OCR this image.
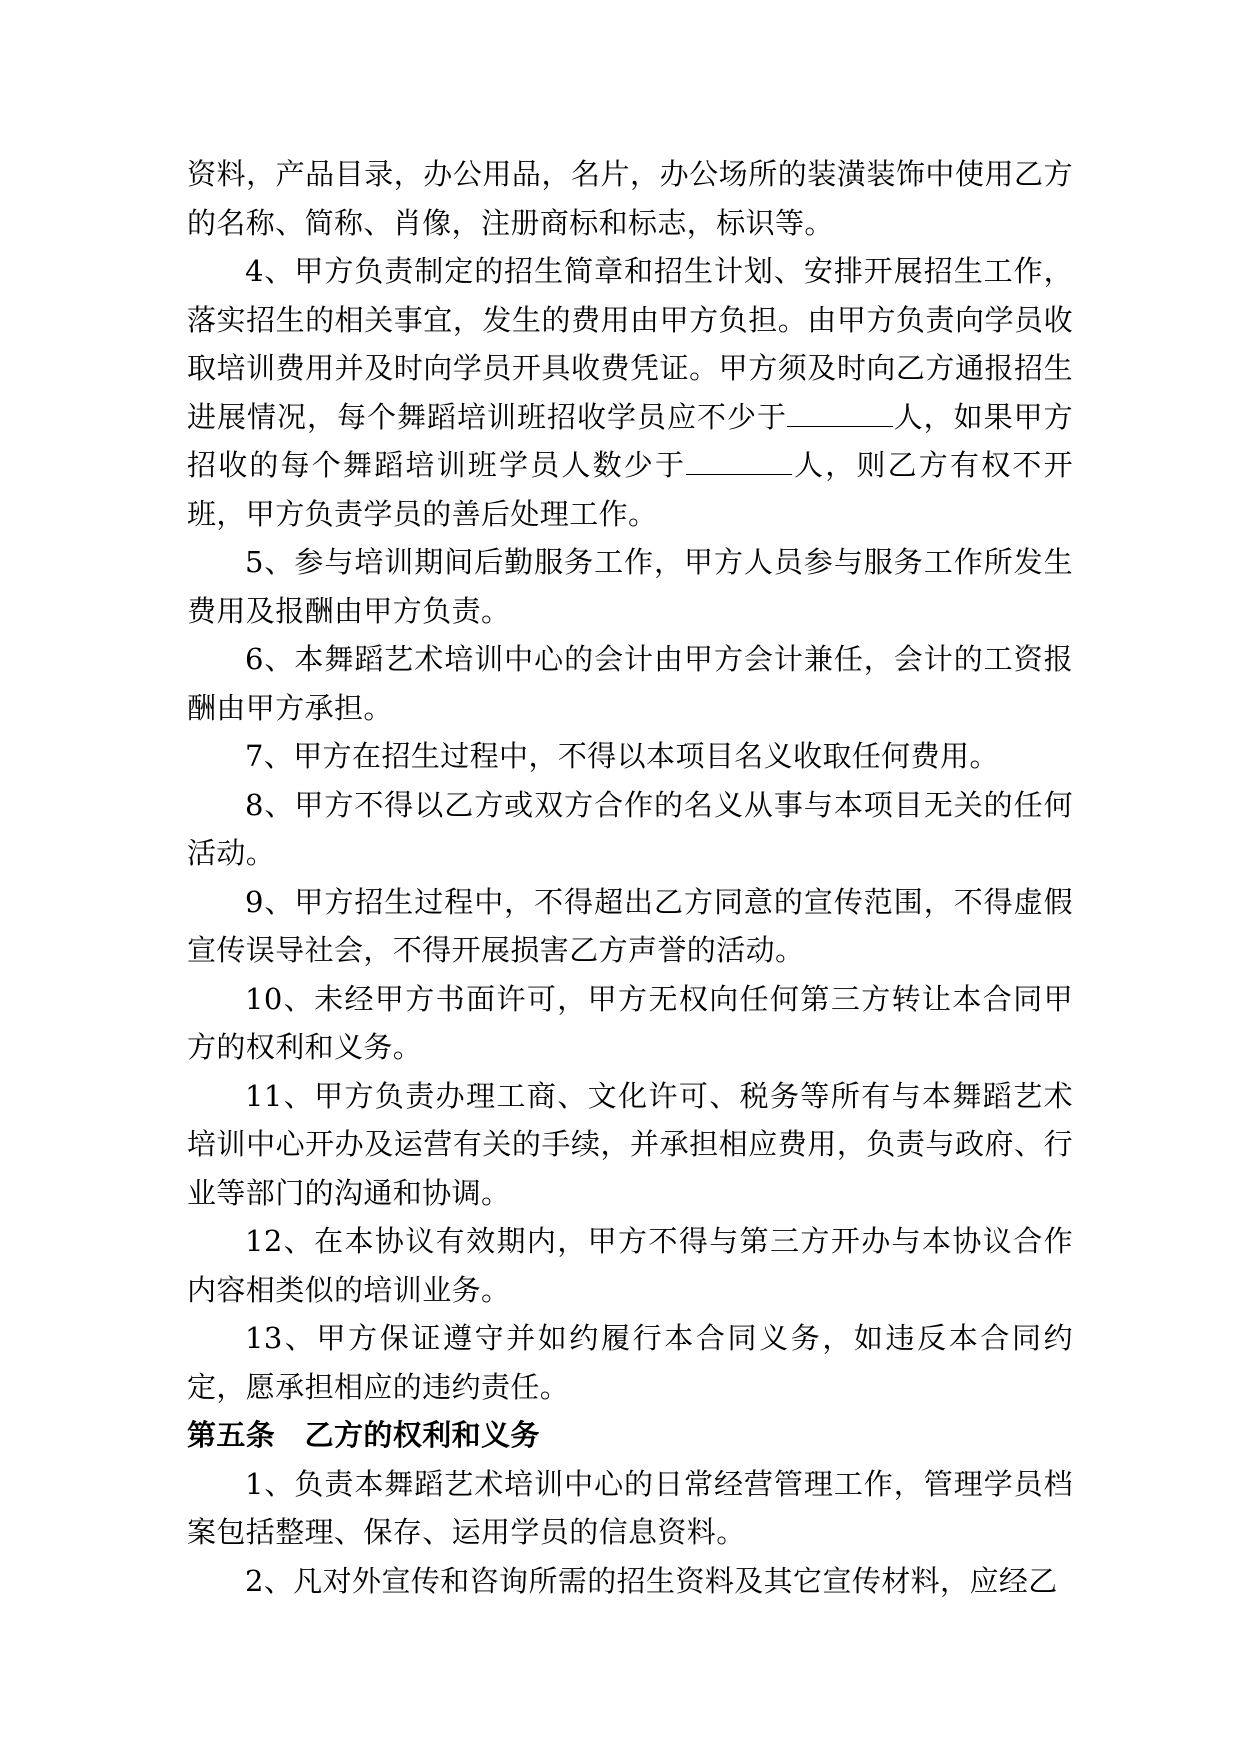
资料，产品目录，办公用品，名片，办公场所的装潢装饰中使用乙方的名称、简称、肖像，注册商标和标志，标识等。

4、甲方负责制定的招生简章和招生计划、安排开展招生工作，落实招生的相关事宜，发生的费用由甲方负担。由甲方负责向学员收取培训费用并及时向学员开具收费凭证。甲方须及时向乙方通报招生进展情况，每个舞蹈培训班招收学员应不少于	人，如果甲方招收的每个舞蹈培训班学员人数少于	人，则乙方有权不开班，甲方负责学员的善后处理工作。

5、参与培训期间后勤服务工作，甲方人员参与服务工作所发生费用及报酬由甲方负责。

6、本舞蹈艺术培训中心的会计由甲方会计兼任，会计的工资报酬由甲方承担。

7、甲方在招生过程中，不得以本项目名义收取任何费用。

8、甲方不得以乙方或双方合作的名义从事与本项目无关的任何活动。

9、甲方招生过程中，不得超出乙方同意的宣传范围，不得虚假宣传误导社会，不得开展损害乙方声誉的活动。

10、未经甲方书面许可，甲方无权向任何第三方转让本合同甲方的权利和义务。

11、甲方负责办理工商、文化许可、税务等所有与本舞蹈艺术培训中心开办及运营有关的手续，并承担相应费用，负责与政府、行业等部门的沟通和协调。

12、在本协议有效期内，甲方不得与第三方开办与本协议合作内容相类似的培训业务。

13、甲方保证遵守并如约履行本合同义务，如违反本合同约定，愿承担相应的违约责任。

第五条　乙方的权利和义务

1、负责本舞蹈艺术培训中心的日常经营管理工作，管理学员档案包括整理、保存、运用学员的信息资料。

2、凡对外宣传和咨询所需的招生资料及其它宣传材料，应经乙
